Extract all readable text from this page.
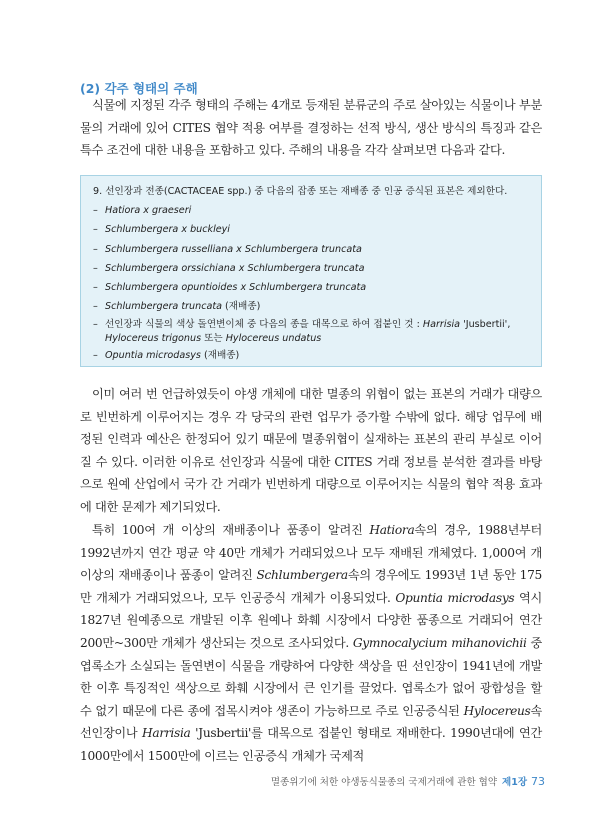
(2) 각주 형태의 주해
식물에 지정된 각주 형태의 주해는 4개로 등재된 분류군의 주로 살아있는 식물이나 부분물의 거래에 있어 CITES 협약 적용 여부를 결정하는 선적 방식, 생산 방식의 특징과 같은 특수 조건에 대한 내용을 포함하고 있다. 주해의 내용을 각각 살펴보면 다음과 같다.
9. 선인장과 전종(CACTACEAE spp.) 중 다음의 잡종 또는 재배종 중 인공 증식된 표본은 제외한다.
– Hatiora x graeseri
– Schlumbergera x buckleyi
– Schlumbergera russelliana x Schlumbergera truncata
– Schlumbergera orssichiana x Schlumbergera truncata
– Schlumbergera opuntioides x Schlumbergera truncata
– Schlumbergera truncata (재배종)
– 선인장과 식물의 색상 돌연변이체 중 다음의 종을 대목으로 하여 접붙인 것 : Harrisia 'Jusbertii',
Hylocereus trigonus 또는 Hylocereus undatus
– Opuntia microdasys (재배종)
이미 여러 번 언급하였듯이 야생 개체에 대한 멸종의 위협이 없는 표본의 거래가 대량으로 빈번하게 이루어지는 경우 각 당국의 관련 업무가 증가할 수밖에 없다. 해당 업무에 배정된 인력과 예산은 한정되어 있기 때문에 멸종위협이 실재하는 표본의 관리 부실로 이어질 수 있다. 이러한 이유로 선인장과 식물에 대한 CITES 거래 정보를 분석한 결과를 바탕으로 원예 산업에서 국가 간 거래가 빈번하게 대량으로 이루어지는 식물의 협약 적용 효과에 대한 문제가 제기되었다.
특히 100여 개 이상의 재배종이나 품종이 알려진 Hatiora속의 경우, 1988년부터 1992년까지 연간 평균 약 40만 개체가 거래되었으나 모두 재배된 개체였다. 1,000여 개 이상의 재배종이나 품종이 알려진 Schlumbergera속의 경우에도 1993년 1년 동안 175만 개체가 거래되었으나, 모두 인공증식 개체가 이용되었다. Opuntia microdasys 역시 1827년 원예종으로 개발된 이후 원예나 화훼 시장에서 다양한 품종으로 거래되어 연간 200만~300만 개체가 생산되는 것으로 조사되었다. Gymnocalycium mihanovichii 중 엽록소가 소실되는 돌연변이 식물을 개량하여 다양한 색상을 띤 선인장이 1941년에 개발한 이후 특징적인 색상으로 화훼 시장에서 큰 인기를 끌었다. 엽록소가 없어 광합성을 할 수 없기 때문에 다른 종에 접목시켜야 생존이 가능하므로 주로 인공증식된 Hylocereus속 선인장이나 Harrisia 'Jusbertii'를 대목으로 접붙인 형태로 재배한다. 1990년대에 연간 1000만에서 1500만에 이르는 인공증식 개체가 국제적
멸종위기에 처한 야생동식물종의 국제거래에 관한 협약 제1장 73
